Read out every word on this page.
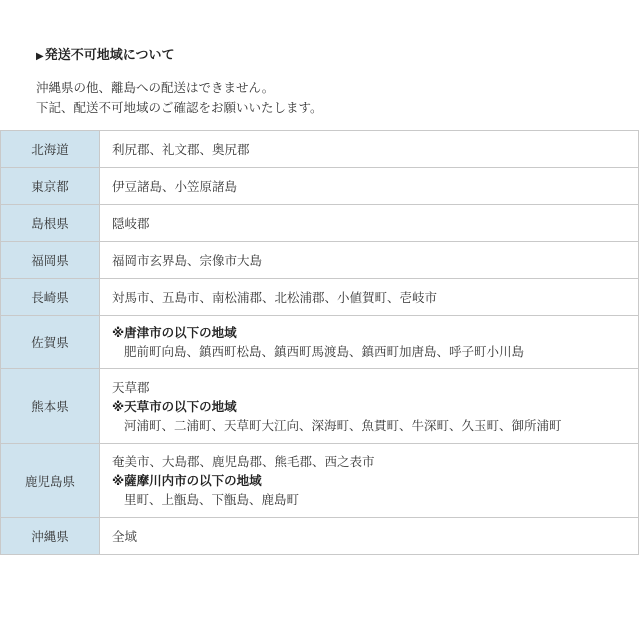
▶発送不可地域について
沖縄県の他、離島への配送はできません。
下記、配送不可地域のご確認をお願いいたします。
北海道	利尻郡、礼文郡、奥尻郡

東京都	伊豆諸島、小笠原諸島

島根県	隠岐郡

福岡県	福岡市玄界島、宗像市大島

長崎県	対馬市、五島市、南松浦郡、北松浦郡、小値賀町、壱岐市

佐賀県	※唐津市の以下の地域
肥前町向島、鎮西町松島、鎮西町馬渡島、鎮西町加唐島、呼子町小川島

熊本県	天草郡
※天草市の以下の地域
河浦町、二浦町、天草町大江向、深海町、魚貫町、牛深町、久玉町、御所浦町

鹿児島県	奄美市、大島郡、鹿児島郡、熊毛郡、西之表市
※薩摩川内市の以下の地域
里町、上甑島、下甑島、鹿島町

沖縄県	全域
